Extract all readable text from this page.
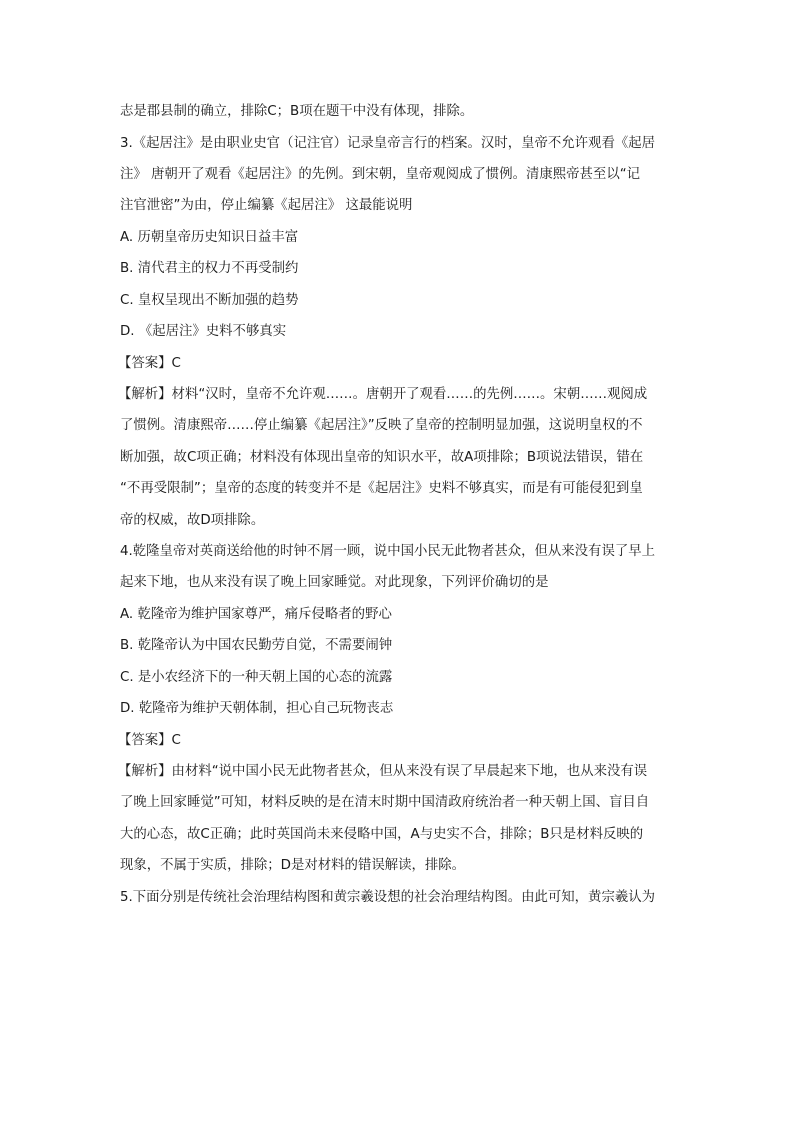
志是郡县制的确立，排除C；B项在题干中没有体现，排除。
3.《起居注》是由职业史官（记注官）记录皇帝言行的档案。汉时，皇帝不允许观看《起居
注》 唐朝开了观看《起居注》的先例。到宋朝，皇帝观阅成了惯例。清康熙帝甚至以“记
注官泄密”为由，停止编纂《起居注》 这最能说明
A. 历朝皇帝历史知识日益丰富
B. 清代君主的权力不再受制约
C. 皇权呈现出不断加强的趋势
D. 《起居注》史料不够真实
【答案】C
【解析】材料“汉时，皇帝不允许观……。唐朝开了观看……的先例……。宋朝……观阅成
了惯例。清康熙帝……停止编纂《起居注》”反映了皇帝的控制明显加强，这说明皇权的不
断加强，故C项正确；材料没有体现出皇帝的知识水平，故A项排除；B项说法错误，错在
“不再受限制”；皇帝的态度的转变并不是《起居注》史料不够真实，而是有可能侵犯到皇
帝的权威，故D项排除。
4.乾隆皇帝对英商送给他的时钟不屑一顾，说中国小民无此物者甚众，但从来没有误了早上
起来下地，也从来没有误了晚上回家睡觉。对此现象，下列评价确切的是
A. 乾隆帝为维护国家尊严，痛斥侵略者的野心
B. 乾隆帝认为中国农民勤劳自觉，不需要闹钟
C. 是小农经济下的一种天朝上国的心态的流露
D. 乾隆帝为维护天朝体制，担心自己玩物丧志
【答案】C
【解析】由材料“说中国小民无此物者甚众，但从来没有误了早晨起来下地，也从来没有误
了晚上回家睡觉”可知，材料反映的是在清末时期中国清政府统治者一种天朝上国、盲目自
大的心态，故C正确；此时英国尚未来侵略中国，A与史实不合，排除；B只是材料反映的
现象，不属于实质，排除；D是对材料的错误解读，排除。
5.下面分别是传统社会治理结构图和黄宗羲设想的社会治理结构图。由此可知，黄宗羲认为
